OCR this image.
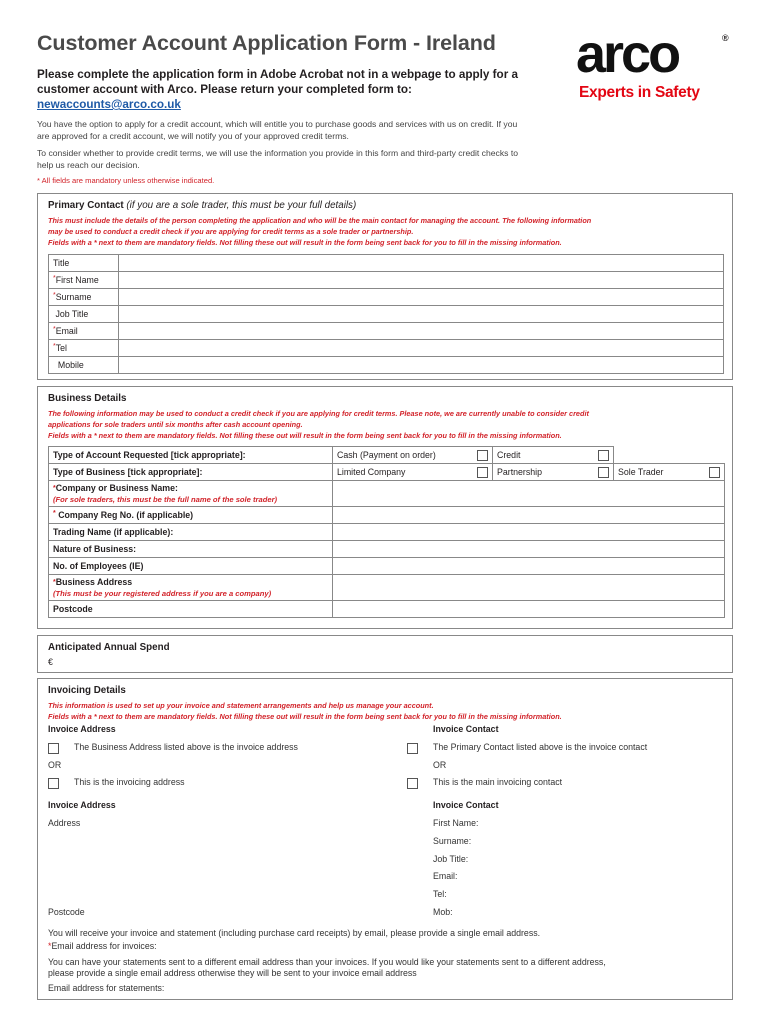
Customer Account Application Form - Ireland arco	®
Experts in Safety
Please complete the application form in Adobe Acrobat not in a webpage to apply for a customer account with Arco. Please return your completed form to:
newaccounts@arco.co.uk
You have the option to apply for a credit account, which will entitle you to purchase goods and services with us on credit. If you are approved for a credit account, we will notify you of your approved credit terms.
To consider whether to provide credit terms, we will use the information you provide in this form and third-party credit checks to help us reach our decision.
* All fields are mandatory unless otherwise indicated.
Primary Contact (if you are a sole trader, this must be your full details)
This must include the details of the person completing the application and who will be the main contact for managing the account. The following information
may be used to conduct a credit check if you are applying for credit terms as a sole trader or partnership.
Fields with a * next to them are mandatory fields. Not filling these out will result in the form being sent back for you to fill in the missing information.
Title	
*First Name	
*Surname	
Job Title	
*Email	
*Tel	
Mobile	
Business Details
The following information may be used to conduct a credit check if you are applying for credit terms. Please note, we are currently unable to consider credit
applications for sole traders until six months after cash account opening.
Fields with a * next to them are mandatory fields. Not filling these out will result in the form being sent back for you to fill in the missing information.
Type of Account Requested [tick appropriate]:	Cash (Payment on order)	Credit	

Type of Business [tick appropriate]:	Limited Company	Partnership	Sole Trader

*Company or Business Name:
(For sole traders, this must be the full name of the sole trader)			

* Company Reg No. (if applicable)			
Trading Name (if applicable):			
Nature of Business:			
No. of Employees (IE)			
*Business Address
(This must be your registered address if you are a company)			

Postcode			
Anticipated Annual Spend
€
Invoicing Details
This information is used to set up your invoice and statement arrangements and help us manage your account.
Fields with a * next to them are mandatory fields. Not filling these out will result in the form being sent back for you to fill in the missing information.
Invoice Address	Invoice Contact
The Business Address listed above is the invoice address	The Primary Contact listed above is the invoice contact
OR	OR
This is the invoicing address	This is the main invoicing contact
Invoice Address	Invoice Contact
Address
Postcode
First Name:
Surname:
Job Title:
Email:
Tel:
Mob:
You will receive your invoice and statement (including purchase card receipts) by email, please provide a single email address.
*Email address for invoices:
You can have your statements sent to a different email address than your invoices. If you would like your statements sent to a different address,
please provide a single email address otherwise they will be sent to your invoice email address
Email address for statements:
